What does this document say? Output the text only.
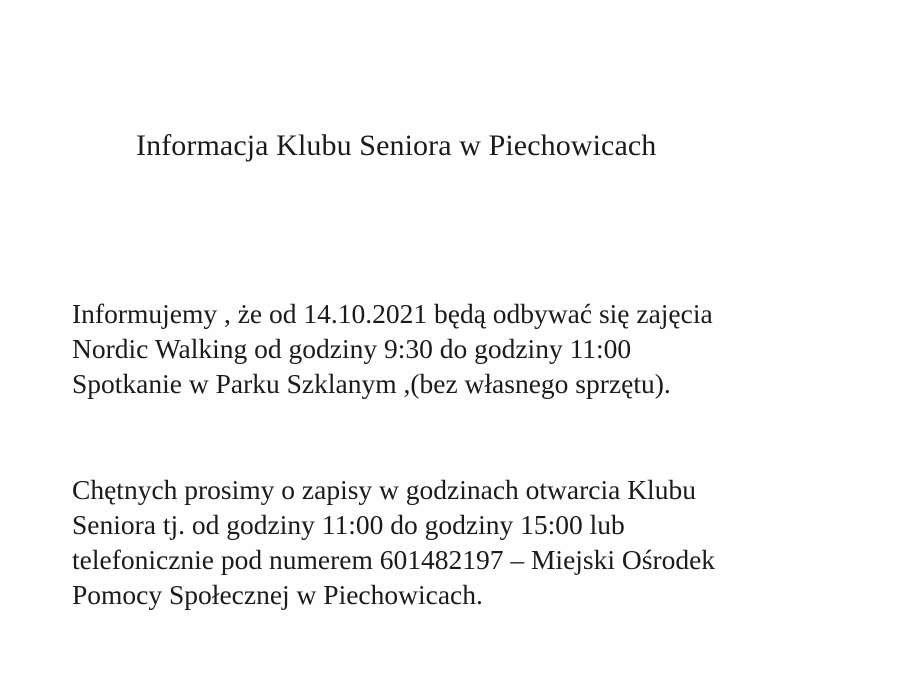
Informacja Klubu Seniora w Piechowicach
Informujemy , że od 14.10.2021 będą odbywać się zajęcia
Nordic Walking od godziny 9:30 do godziny 11:00
Spotkanie w Parku Szklanym ,(bez własnego sprzętu).
Chętnych prosimy o zapisy w godzinach otwarcia Klubu
Seniora tj. od godziny 11:00 do godziny 15:00 lub
telefonicznie pod numerem 601482197 – Miejski Ośrodek
Pomocy Społecznej w Piechowicach.
